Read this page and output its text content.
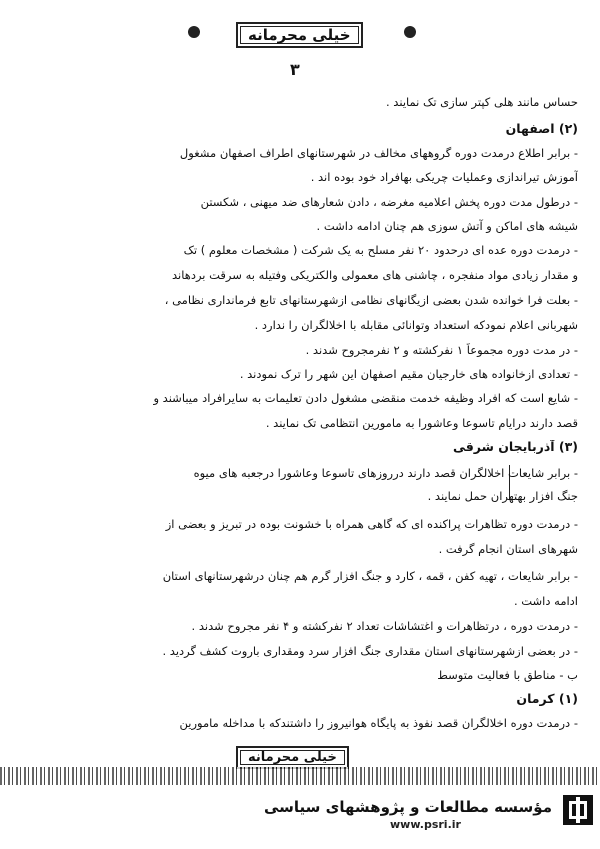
خیلی محرمانه
۳
حساس مانند هلی کپتر سازی تک نمایند .
(۲) اصفهان
- برابر اطلاع درمدت دوره گروههای مخالف در شهرستانهای اطراف اصفهان مشغول
آموزش تیراندازی وعملیات چریکی بهافراد خود بوده اند .
- درطول مدت دوره پخش اعلامیه مغرضه ، دادن شعارهای ضد میهنی ، شکستن
شیشه های اماکن و آتش سوزی هم چنان ادامه داشت .
- درمدت دوره عده ای درحدود ۲۰ نفر مسلح به یک شرکت ( مشخصات معلوم ) تک
و مقدار زیادی مواد منفجره ، چاشنی های معمولی والکتریکی وفتیله به سرقت بردهاند
- بعلت فرا خوانده شدن بعضی ازیگانهای نظامی ازشهرستانهای تابع فرمانداری نظامی ،
شهربانی اعلام نمودکه استعداد وتوانائی مقابله با اخلالگران را ندارد .
- در مدت دوره مجموعاً ۱ نفرکشته و ۲ نفرمجروح شدند .
- تعدادی ازخانواده های خارجیان مقیم اصفهان این شهر را ترک نمودند .
- شایع است که افراد وظیفه خدمت منقضی مشغول دادن تعلیمات به سایرافراد میباشند و
قصد دارند درایام تاسوعا وعاشورا به مامورین انتظامی تک نمایند .
(۳) آذربایجان شرقی
- برابر شایعات اخلالگران قصد دارند درروزهای تاسوعا وعاشورا درجعبه های میوه
جنگ افزار بهتهران حمل نمایند .
- درمدت دوره تظاهرات پراکنده ای که گاهی همراه با خشونت بوده در تبریز و بعضی از
شهرهای استان انجام گرفت .
- برابر شایعات ، تهیه کفن ، قمه ، کارد و جنگ افزار گرم هم چنان درشهرستانهای استان
ادامه داشت .
- درمدت دوره ، درتظاهرات و اغتشاشات تعداد ۲ نفرکشته و ۴ نفر مجروح شدند .
- در بعضی ازشهرستانهای استان مقداری جنگ افزار سرد ومقداری باروت کشف گردید .
ب - مناطق با فعالیت متوسط
(۱) کرمان
- درمدت دوره اخلالگران قصد نفوذ به پایگاه هوانیروز را داشتندکه با مداخله مامورین
خیلی محرمانه
مؤسسه مطالعات و پژوهشهای سیاسی
www.psri.ir
